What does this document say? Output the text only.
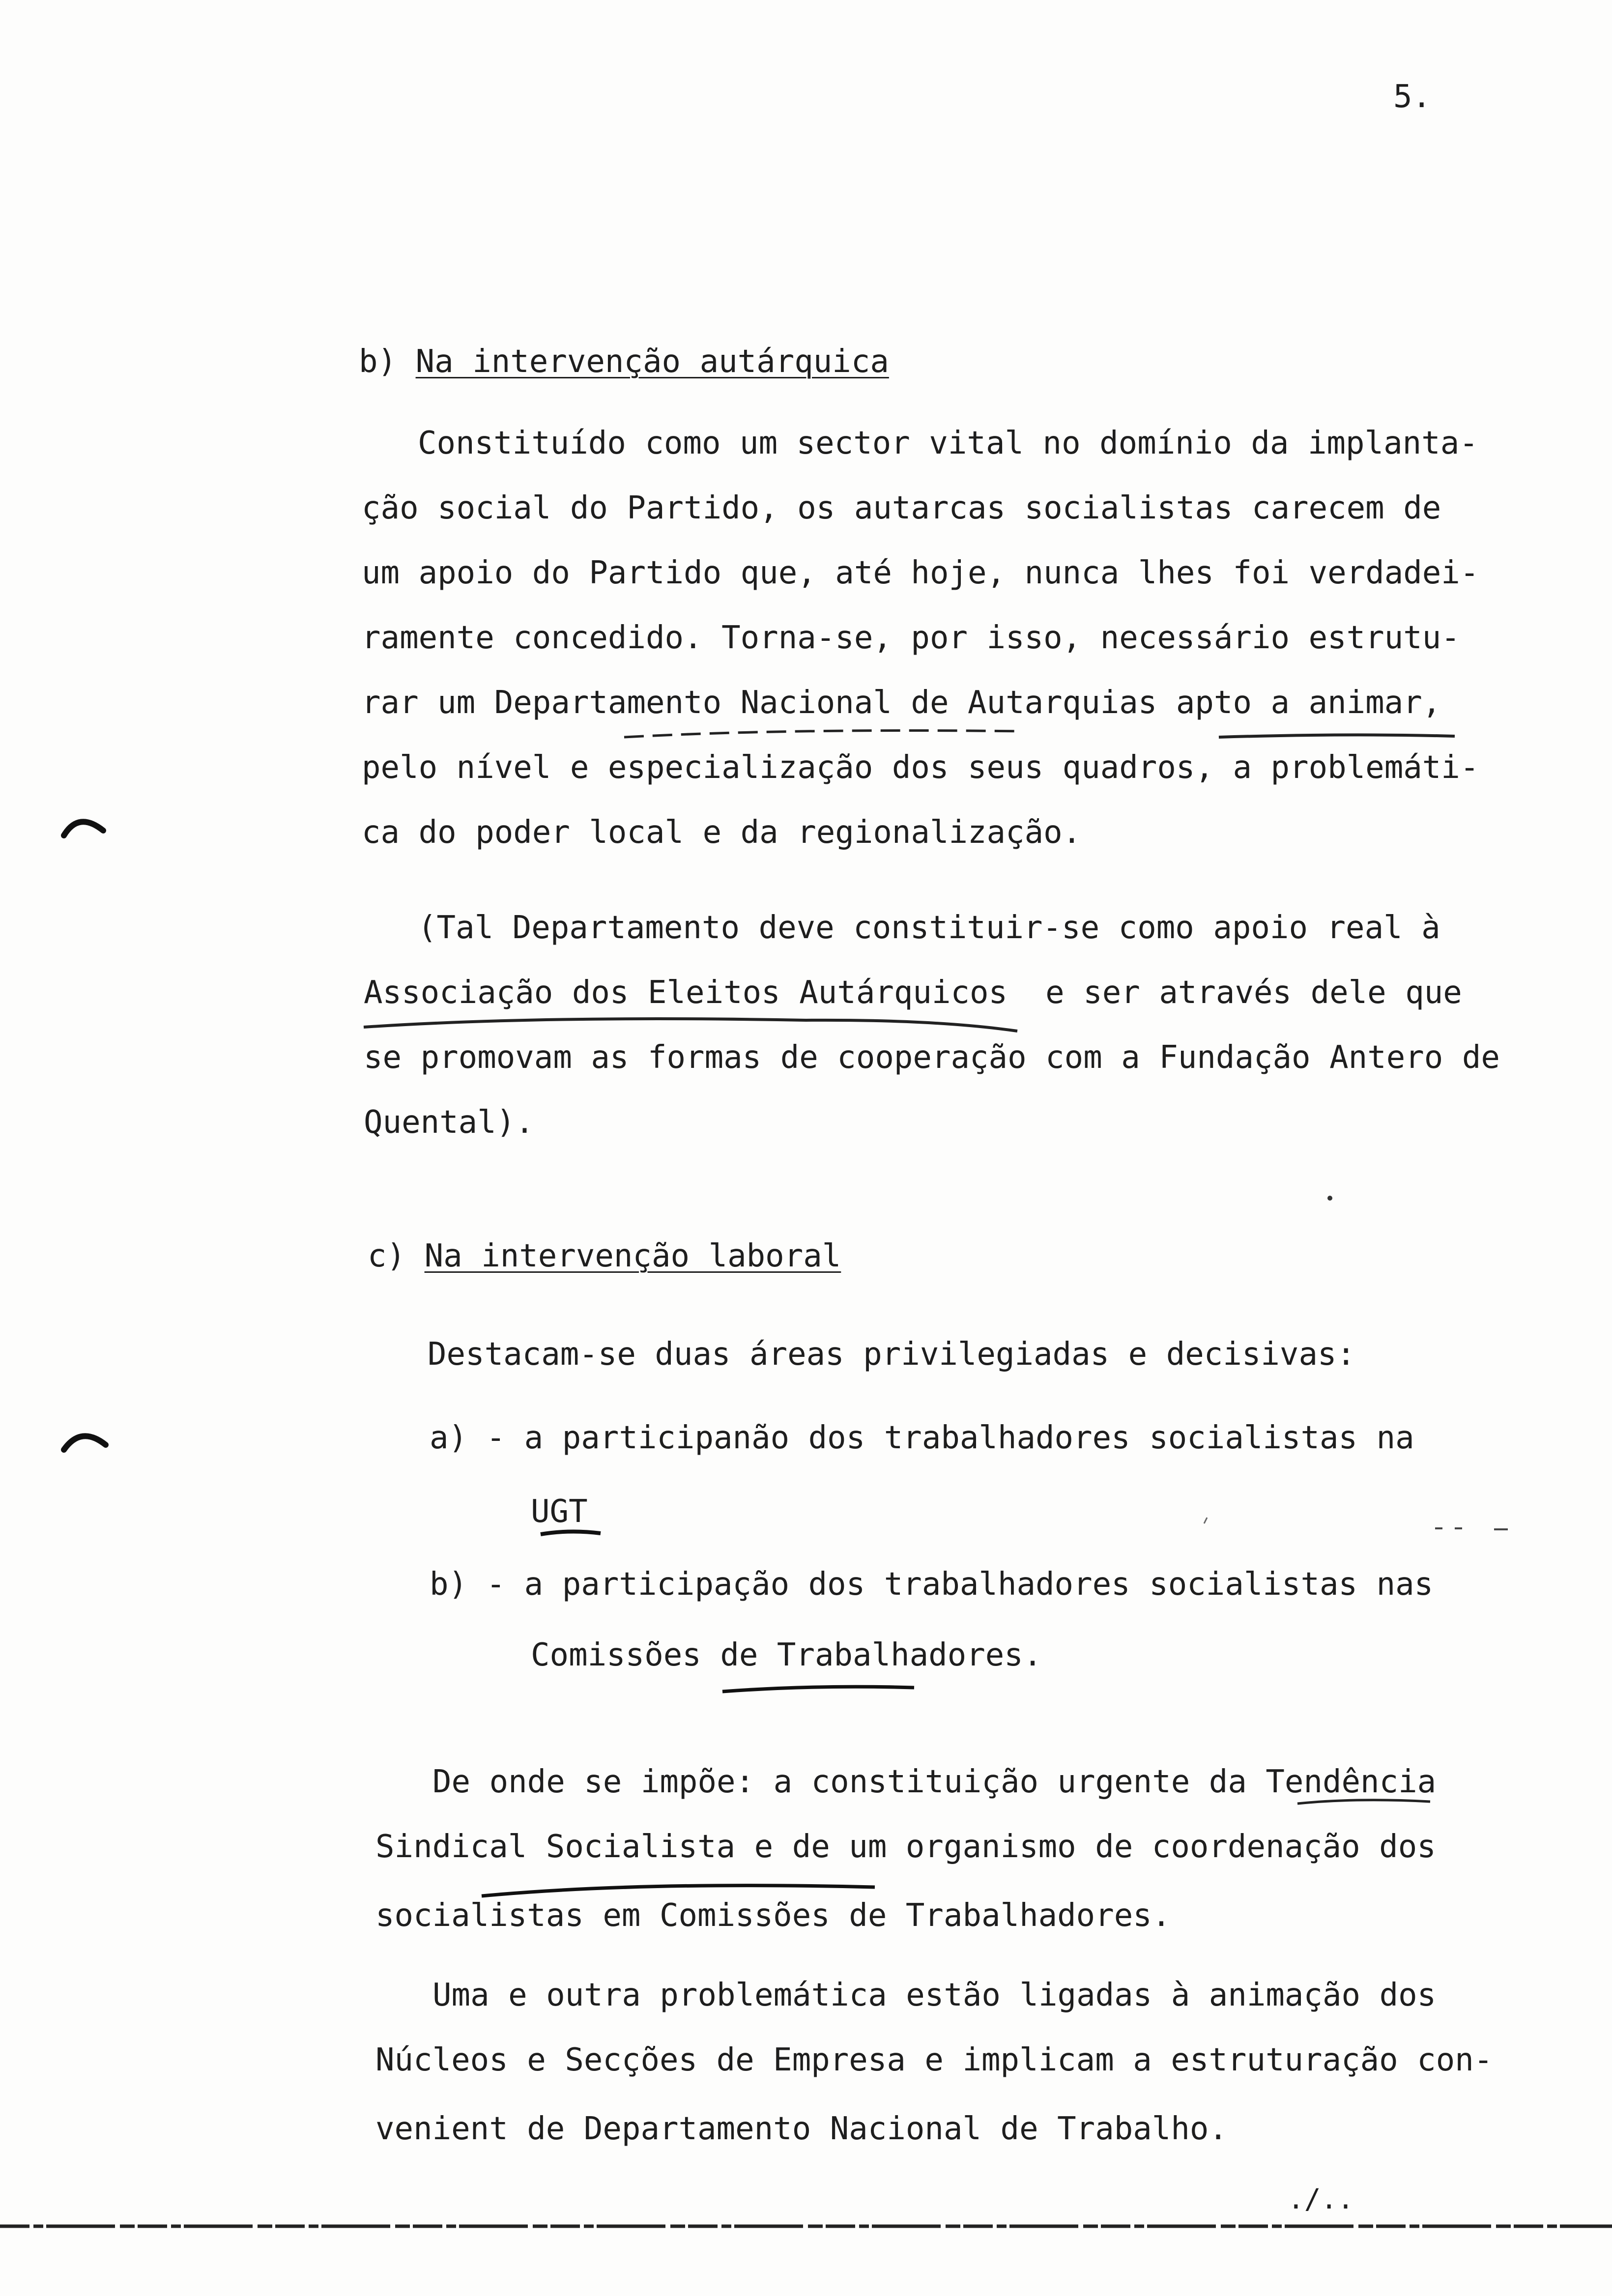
5.
b) Na intervenção autárquica
Constituído como um sector vital no domínio da implanta-
ção social do Partido, os autarcas socialistas carecem de
um apoio do Partido que, até hoje, nunca lhes foi verdadei-
ramente concedido. Torna-se, por isso, necessário estrutu-
rar um Departamento Nacional de Autarquias apto a animar,
pelo nível e especialização dos seus quadros, a problemáti-
ca do poder local e da regionalização.
(Tal Departamento deve constituir-se como apoio real à
Associação dos Eleitos Autárquicos  e ser através dele que
se promovam as formas de cooperação com a Fundação Antero de
Quental).
c) Na intervenção laboral
Destacam-se duas áreas privilegiadas e decisivas:
a) - a participanão dos trabalhadores socialistas na
UGT
b) - a participação dos trabalhadores socialistas nas
Comissões de Trabalhadores.
De onde se impõe: a constituição urgente da Tendência
Sindical Socialista e de um organismo de coordenação dos
socialistas em Comissões de Trabalhadores.
Uma e outra problemática estão ligadas à animação dos
Núcleos e Secções de Empresa e implicam a estruturação con-
venient de Departamento Nacional de Trabalho.
./..
